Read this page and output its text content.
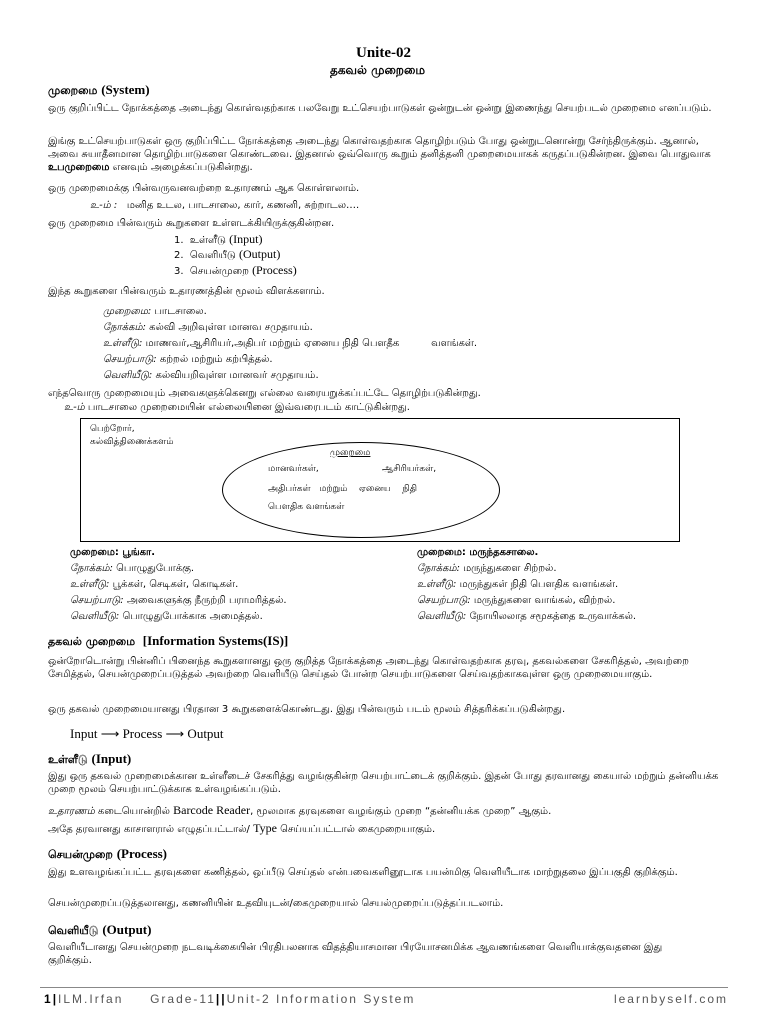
Unite-02
தகவல் முறைமை
முறைமை (System)

ஒரு குறிப்பிட்ட நோக்கத்தை அடைந்து கொள்வதற்காக பலவேறு உட்செயற்பாடுகள் ஒன்றுடன் ஒன்று இணைந்து செயற்படல் முறைமை எனப்படும்.

இங்கு உட்செயற்பாடுகள் ஒரு குறிப்பிட்ட நோக்கத்தை அடைந்து கொள்வதற்காக தொழிற்படும் போது ஒன்றுடனொன்று சேர்ந்திருக்கும். ஆனால், அவை சுயாதீனமான தொழிற்பாடுகளை கொண்டவை. இதனால் ஒவ்வொரு கூறும் தனித்தனி முறைமையாகக் கருதப்படுகின்றன. இவை பொதுவாக உபமுறைமை எனவும் அழைக்கப்படுகின்றது.

ஒரு முறைமைக்கு பின்வருவனவற்றை உதாரணம் ஆக கொள்ளலாம்.

உ-ம் : மனித உடல, பாடசாலை, கார், கணனி, சுற்றாடல….

ஒரு முறைமை பின்வரும் கூறுகளை உள்ளடக்கியிருக்குகின்றன.

1. உள்ளீடு (Input)
2. வெளியீடு (Output)
3. செயன்முறை (Process)

இந்த கூறுகளை பின்வரும் உதாரணத்தின் மூலம் விளக்களாம்.

முறைமை: பாடசாலை.
நோக்கம்: கல்வி அறிவுள்ள மானவ சமுதாயம்.
உள்ளீடு: மாணவர்,ஆசிரியர்,அதிபர் மற்றும் ஏனைய நிதி பௌதீக          வளங்கள்.
செயற்பாடு: கற்றல் மற்றும் கற்பித்தல்.
வெளியீடு: கல்வியறிவுள்ள மானவர் சமுதாயம்.

எந்தவொரு முறைமையும் அவைகளுக்கெனறு எல்லை வரையறுக்கப்பட்டே தொழிற்படுகின்றது.

உ-ம் பாடசாலை முறைமையின் எல்லையினை இவ்வரைபடம் காட்டுகின்றது.
பெற்றோர்,
கல்வித்திணைக்களம்
முறைமை
மானவர்கள்,	ஆசிரியர்கள்,
அதிபர்கள்   மற்றும்    ஏனைய    நிதி
பௌதிக வளங்கள்
முறைமை: பூங்கா.
நோக்கம்: பொழுதுபோக்கு.
உள்ளீடு: பூக்கள், செடிகள், கொடிகள்.
செயற்பாடு: அவைகளுக்கு நீருற்றி பராமரித்தல்.
வெளியீடு: பொழுதுபோக்காக அமைத்தல்.
முறைமை: மருந்தகசாலை.
நோக்கம்: மருந்துகளை சிற்றல்.
உள்ளீடு: மருந்துகள் நிதி பௌதிக வளங்கள்.
செயற்பாடு: மருந்துகளை வாங்கல், விற்றல்.
வெளியீடு: நோயிலலாத சமூகத்தை உருவாக்கல்.
தகவல் முறைமை [Information Systems(IS)]

ஒன்றோடொன்று பின்னிப் பினைந்த கூறுகளானது ஒரு குறித்த நோக்கத்தை அடைந்து கொள்வதற்காக தரவு, தகவல்களை சேகரித்தல், அவற்றை சேமித்தல், செயன்முறைப்படுத்தல் அவற்றை வெளியீடு செய்தல் போன்ற செயற்பாடுகளை செய்வதற்காகவுள்ள ஒரு முறைமையாகும்.

ஒரு தகவல் முறைமையானது பிரதான 3 கூறுகளைக்கொண்டது. இது பின்வரும் படம் மூலம் சித்தரிக்கப்படுகின்றது.

Input ⟶ Process ⟶ Output
உள்ளீடு (Input)

இது ஒரு தகவல் முறைமைக்கான உள்ளீடைச் சேகரித்து வழங்குகின்ற செயற்பாட்டைக் குறிக்கும். இதன் போது தரவானது கையால் மற்றும் தன்னியக்க முறை மூலம் செயற்பாட்டுக்காக உள்வழங்கப்படும்.

உதாரணம் கடையொன்றில் Barcode Reader, மூலமாக தரவுகளை வழங்கும் முறை “தன்னியக்க முறை” ஆகும்.
அதே தரவானது காசாளரால் எழுதப்பட்டால்/ Type செய்யப்பட்டால் கைமுறையாகும்.
செயன்முறை (Process)

இது உளவழங்கப்பட்ட தரவுகளை கணித்தல், ஒப்பீடு செய்தல் என்பவைகளினூடாக பயன்மிகு வெளியீடாக மாற்றுதலை இப்பகுதி குறிக்கும்.

செயன்முறைப்படுத்தலானது, கணனியின் உதவியுடன்/கைமுறையால் செயல்முறைப்படுத்தப்படலாம்.

வெளியீடு (Output)

வெளியீடானது செயன்முறை நடவடிக்கையின் பிரதிபலனாக விதத்தியாசமான பிரயோசனமிக்க ஆவணங்களை வெளியாக்குவதனை இது குறிக்கும்.

1|ILM.Irfan Grade-11||Unit-2 Information System	learnbyself.com
